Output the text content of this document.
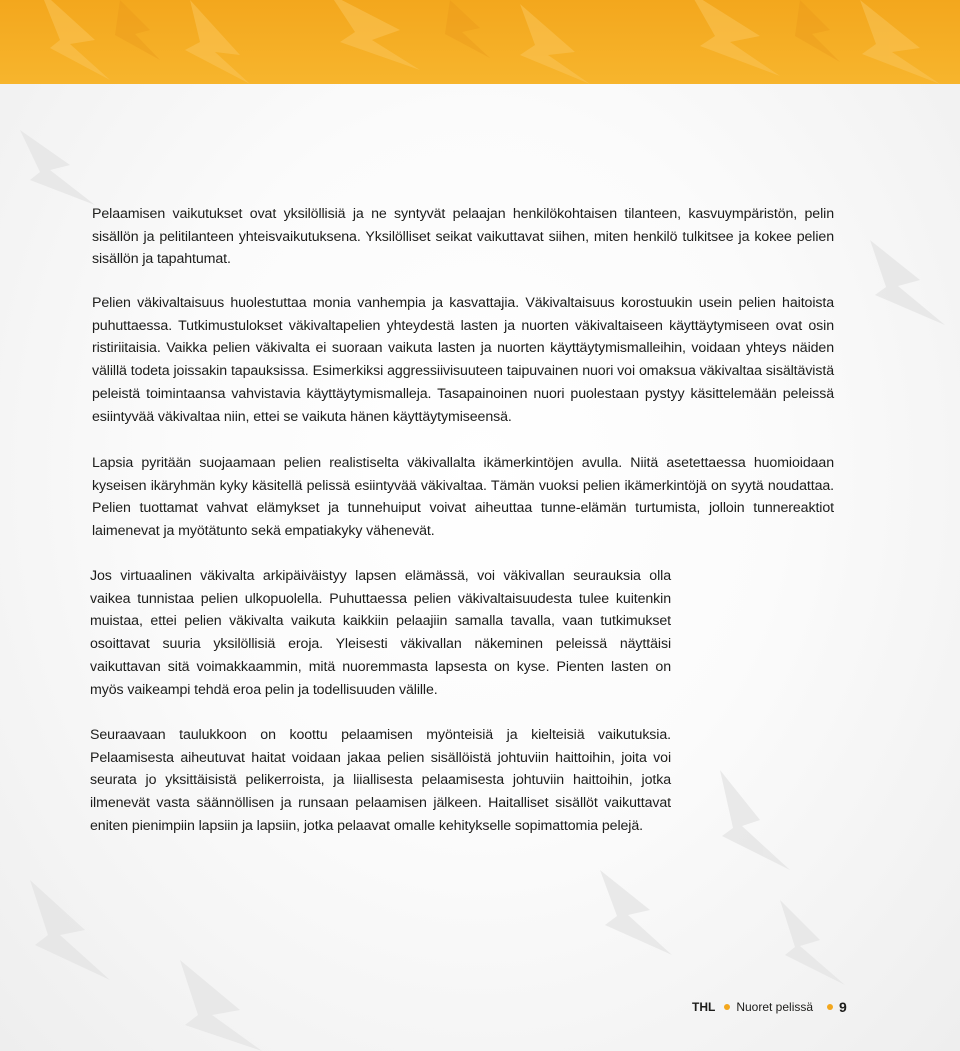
Pelaamisen vaikutukset ovat yksilöllisiä ja ne syntyvät pelaajan henkilökohtaisen tilanteen, kasvuympäristön, pelin sisällön ja pelitilanteen yhteisvaikutuksena. Yksilölliset seikat vaikuttavat siihen, miten henkilö tulkitsee ja kokee pelien sisällön ja tapahtumat.

Pelien väkivaltaisuus huolestuttaa monia vanhempia ja kasvattajia. Väkivaltaisuus korostuukin usein pelien haitoista puhuttaessa. Tutkimustulokset väkivaltapelien yhteydestä lasten ja nuorten väkivaltaiseen käyttäytymiseen ovat osin ristiriitaisia. Vaikka pelien väkivalta ei suoraan vaikuta lasten ja nuorten käyttäytymismalleihin, voidaan yhteys näiden välillä todeta joissakin tapauksissa. Esimerkiksi aggressiivisuuteen taipuvainen nuori voi omaksua väkivaltaa sisältävistä peleistä toimintaansa vahvistavia käyttäytymismalleja. Tasapainoinen nuori puolestaan pystyy käsittelemään peleissä esiintyvää väkivaltaa niin, ettei se vaikuta hänen käyttäytymiseensä.

Lapsia pyritään suojaamaan pelien realistiselta väkivallalta ikämerkintöjen avulla. Niitä asetettaessa huomioidaan kyseisen ikäryhmän kyky käsitellä pelissä esiintyvää väkivaltaa. Tämän vuoksi pelien ikämerkintöjä on syytä noudattaa. Pelien tuottamat vahvat elämykset ja tunnehuiput voivat aiheuttaa tunne-elämän turtumista, jolloin tunnereaktiot laimenevat ja myötätunto sekä empatiakyky vähenevät.

Jos virtuaalinen väkivalta arkipäiväistyy lapsen elämässä, voi väkivallan seurauksia olla vaikea tunnistaa pelien ulkopuolella. Puhuttaessa pelien väkivaltaisuudesta tulee kuitenkin muistaa, ettei pelien väkivalta vaikuta kaikkiin pelaajiin samalla tavalla, vaan tutkimukset osoittavat suuria yksilöllisiä eroja. Yleisesti väkivallan näkeminen peleissä näyttäisi vaikuttavan sitä voimakkaammin, mitä nuoremmasta lapsesta on kyse. Pienten lasten on myös vaikeampi tehdä eroa pelin ja todellisuuden välille.

Seuraavaan taulukkoon on koottu pelaamisen myönteisiä ja kielteisiä vaikutuksia. Pelaamisesta aiheutuvat haitat voidaan jakaa pelien sisällöistä johtuviin haittoihin, joita voi seurata jo yksittäisistä pelikerroista, ja liiallisesta pelaamisesta johtuviin haittoihin, jotka ilmenevät vasta säännöllisen ja runsaan pelaamisen jälkeen. Haitalliset sisällöt vaikuttavat eniten pienimpiin lapsiin ja lapsiin, jotka pelaavat omalle kehitykselle sopimattomia pelejä.

THL Nuoret pelissä 9
